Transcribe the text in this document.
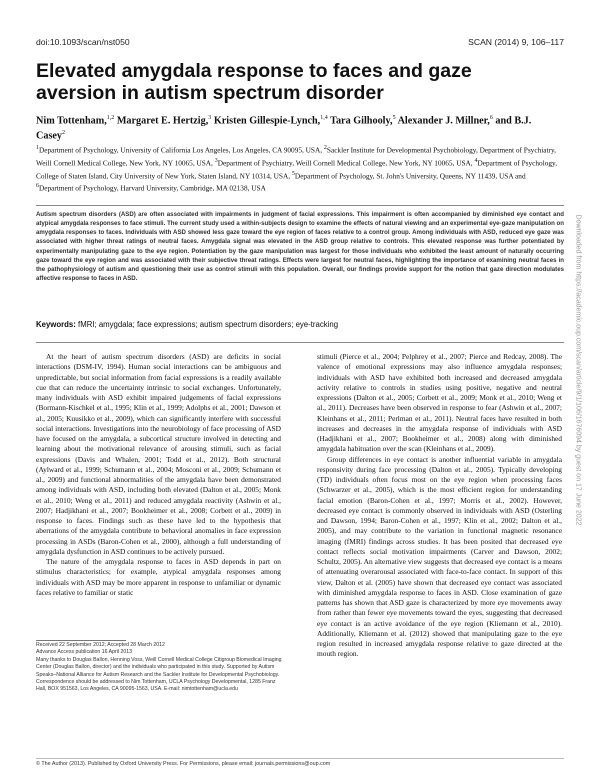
doi:10.1093/scan/nst050	SCAN (2014) 9, 106–117
Elevated amygdala response to faces and gaze aversion in autism spectrum disorder
Nim Tottenham,$^{1,2}$ Margaret E. Hertzig,$^3$ Kristen Gillespie-Lynch,$^{1,4}$ Tara Gilhooly,$^5$ Alexander J. Millner,$^6$ and B.J. Casey$^2$
$^1$Department of Psychology, University of California Los Angeles, Los Angeles, CA 90095, USA, $^2$Sackler Institute for Developmental Psychobiology, Department of Psychiatry, Weill Cornell Medical College, New York, NY 10065, USA, $^3$Department of Psychiatry, Weill Cornell Medical College, New York, NY 10065, USA, $^4$Department of Psychology, College of Staten Island, City University of New York, Staten Island, NY 10314, USA, $^5$Department of Psychology, St. John's University, Queens, NY 11439, USA and $^6$Department of Psychology, Harvard University, Cambridge, MA 02138, USA

Autism spectrum disorders (ASD) are often associated with impairments in judgment of facial expressions. This impairment is often accompanied by diminished eye contact and atypical amygdala responses to face stimuli. The current study used a within-subjects design to examine the effects of natural viewing and an experimental eye-gaze manipulation on amygdala responses to faces. Individuals with ASD showed less gaze toward the eye region of faces relative to a control group. Among individuals with ASD, reduced eye gaze was associated with higher threat ratings of neutral faces. Amygdala signal was elevated in the ASD group relative to controls. This elevated response was further potentiated by experimentally manipulating gaze to the eye region. Potentiation by the gaze manipulation was largest for those individuals who exhibited the least amount of naturally occurring gaze toward the eye region and was associated with their subjective threat ratings. Effects were largest for neutral faces, highlighting the importance of examining neutral faces in the pathophysiology of autism and questioning their use as control stimuli with this population. Overall, our findings provide support for the notion that gaze direction modulates affective response to faces in ASD.

Keywords: fMRI; amygdala; face expressions; autism spectrum disorders; eye-tracking

At the heart of autism spectrum disorders (ASD) are deficits in social interactions (DSM-IV, 1994). Human social interactions can be ambiguous and unpredictable, but social information from facial expressions is a readily available cue that can reduce the uncertainty intrinsic to social exchanges. Unfortunately, many individuals with ASD exhibit impaired judgements of facial expressions (Bormann-Kischkel et al., 1995; Klin et al., 1999; Adolphs et al., 2001; Dawson et al., 2005; Kuusikko et al., 2009), which can significantly interfere with successful social interactions. Investigations into the neurobiology of face processing of ASD have focused on the amygdala, a subcortical structure involved in detecting and learning about the motivational relevance of arousing stimuli, such as facial expressions (Davis and Whalen, 2001; Todd et al., 2012). Both structural (Aylward et al., 1999; Schumann et al., 2004; Mosconi et al., 2009; Schumann et al., 2009) and functional abnormalities of the amygdala have been demonstrated among individuals with ASD, including both elevated (Dalton et al., 2005; Monk et al., 2010; Weng et al., 2011) and reduced amygdala reactivity (Ashwin et al., 2007; Hadjikhani et al., 2007; Bookheimer et al., 2008; Corbett et al., 2009) in response to faces. Findings such as these have led to the hypothesis that aberrations of the amygdala contribute to behavioral anomalies in face expression processing in ASDs (Baron-Cohen et al., 2000), although a full understanding of amygdala dysfunction in ASD continues to be actively pursued.

The nature of the amygdala response to faces in ASD depends in part on stimulus characteristics; for example, atypical amygdala responses among individuals with ASD may be more apparent in response to unfamiliar or dynamic faces relative to familiar or static

stimuli (Pierce et al., 2004; Pelphrey et al., 2007; Pierce and Redcay, 2008). The valence of emotional expressions may also influence amygdala responses; individuals with ASD have exhibited both increased and decreased amygdala activity relative to controls in studies using positive, negative and neutral expressions (Dalton et al., 2005; Corbett et al., 2009; Monk et al., 2010; Weng et al., 2011). Decreases have been observed in response to fear (Ashwin et al., 2007; Kleinhans et al., 2011; Perlman et al., 2011). Neutral faces have resulted in both increases and decreases in the amygdala response of individuals with ASD (Hadjikhani et al., 2007; Bookheimer et al., 2008) along with diminished amygdala habituation over the scan (Kleinhans et al., 2009).

Group differences in eye contact is another influential variable in amygdala responsivity during face processing (Dalton et al., 2005). Typically developing (TD) individuals often focus most on the eye region when processing faces (Schwarzer et al., 2005), which is the most efficient region for understanding facial emotion (Baron-Cohen et al., 1997; Morris et al., 2002). However, decreased eye contact is commonly observed in individuals with ASD (Osterling and Dawson, 1994; Baron-Cohen et al., 1997; Klin et al., 2002; Dalton et al., 2005), and may contribute to the variation in functional magnetic resonance imaging (fMRI) findings across studies. It has been posited that decreased eye contact reflects social motivation impairments (Carver and Dawson, 2002; Schultz, 2005). An alternative view suggests that decreased eye contact is a means of attenuating overarousal associated with face-to-face contact. In support of this view, Dalton et al. (2005) have shown that decreased eye contact was associated with diminished amygdala response to faces in ASD. Close examination of gaze patterns has shown that ASD gaze is characterized by more eye movements away from rather than fewer eye movements toward the eyes, suggesting that decreased eye contact is an active avoidance of the eye region (Kliemann et al., 2010). Additionally, Kliemann et al. (2012) showed that manipulating gaze to the eye region resulted in increased amygdala response relative to gaze directed at the mouth region.

Received 22 September 2012; Accepted 28 March 2012
Advance Access publication 16 April 2013
Many thanks to Douglas Ballon, Henning Voss, Weill Cornell Medical College Citigroup Biomedical Imaging Center (Douglas Ballon, director) and the individuals who participated in this study. Supported by Autism Speaks–National Alliance for Autism Research and the Sackler Institute for Developmental Psychobiology.
Correspondence should be addressed to Nim Tottenham, UCLA Psychology Developmental, 1285 Franz Hall, BOX 951563, Los Angeles, CA 90095-1563, USA. E-mail: nimtottenham@ucla.edu
© The Author (2013). Published by Oxford University Press. For Permissions, please email: journals.permissions@oup.com
Downloaded from https://academic.oup.com/scan/article/9/1/106/1676094 by guest on 17 June 2022
